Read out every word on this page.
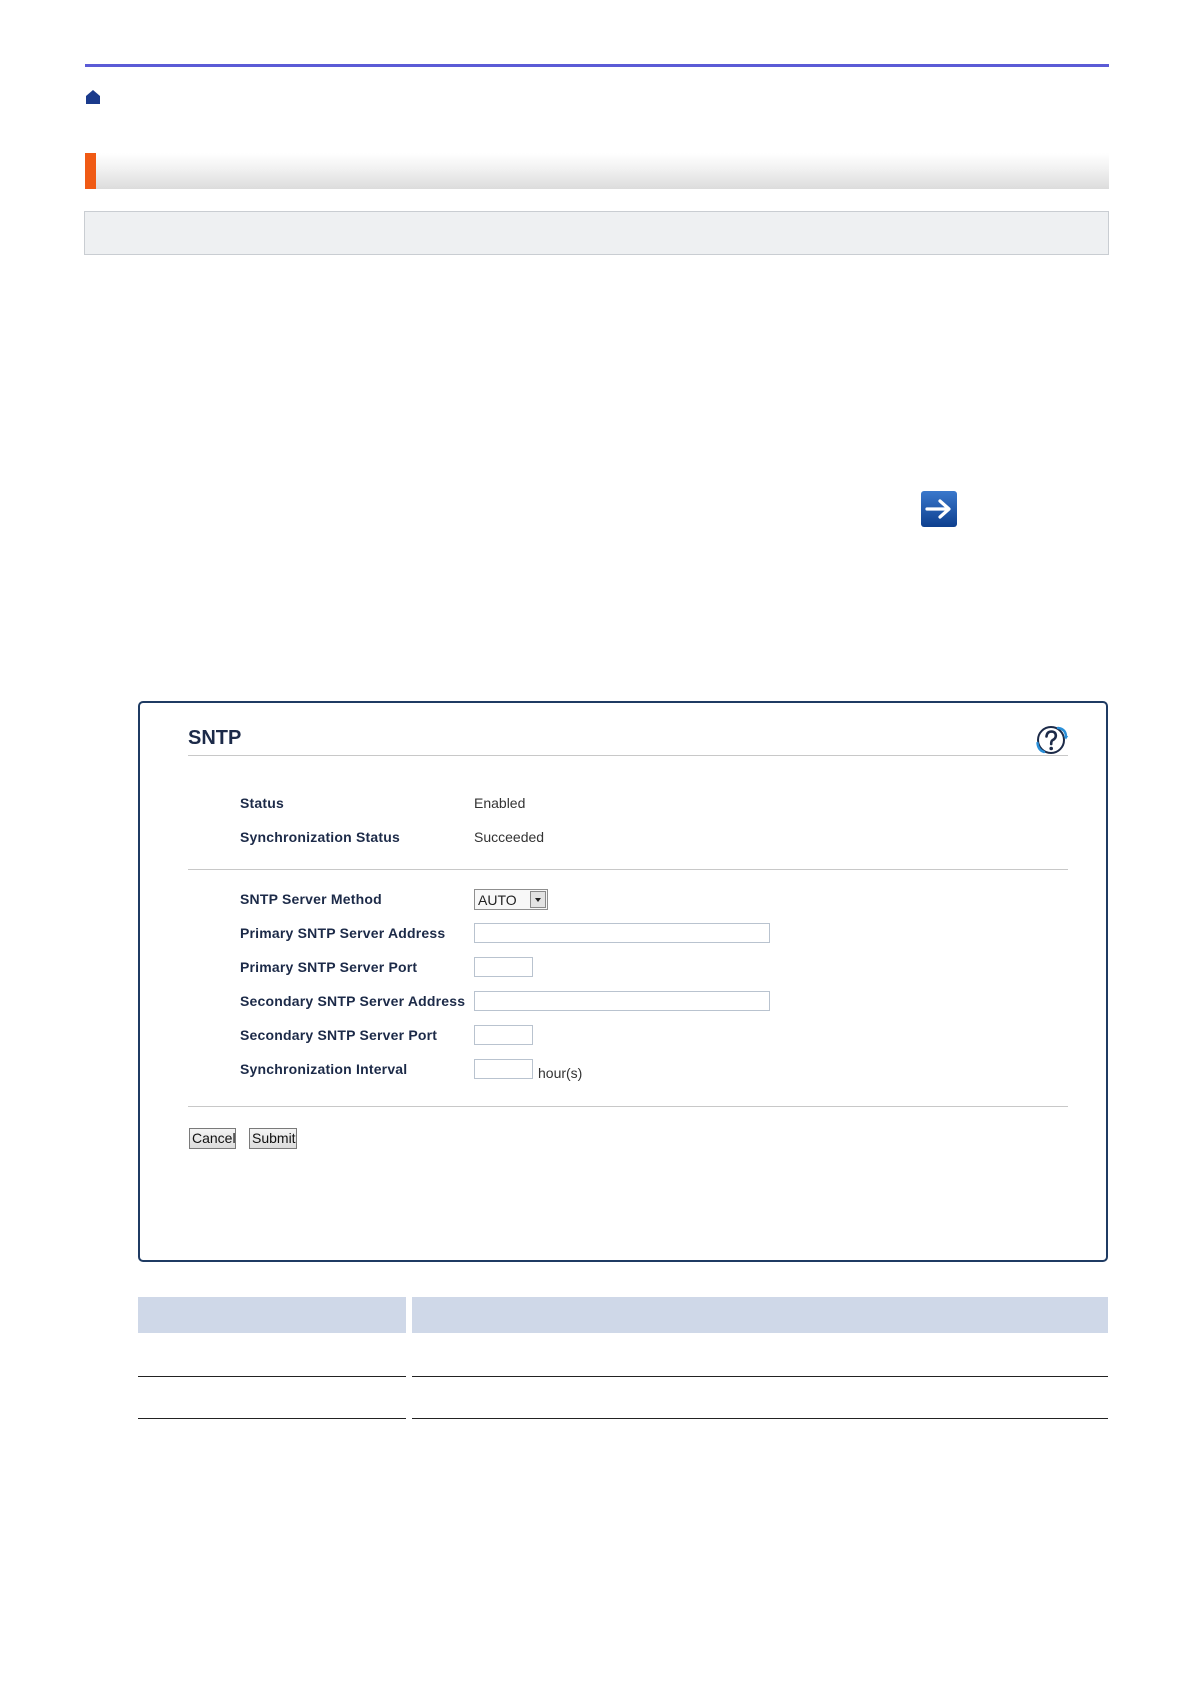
SNTP
Status	Enabled
Synchronization Status	Succeeded
SNTP Server Method	AUTO
Primary SNTP Server Address
Primary SNTP Server Port
Secondary SNTP Server Address
Secondary SNTP Server Port
Synchronization Interval	hour(s)
Cancel Submit
